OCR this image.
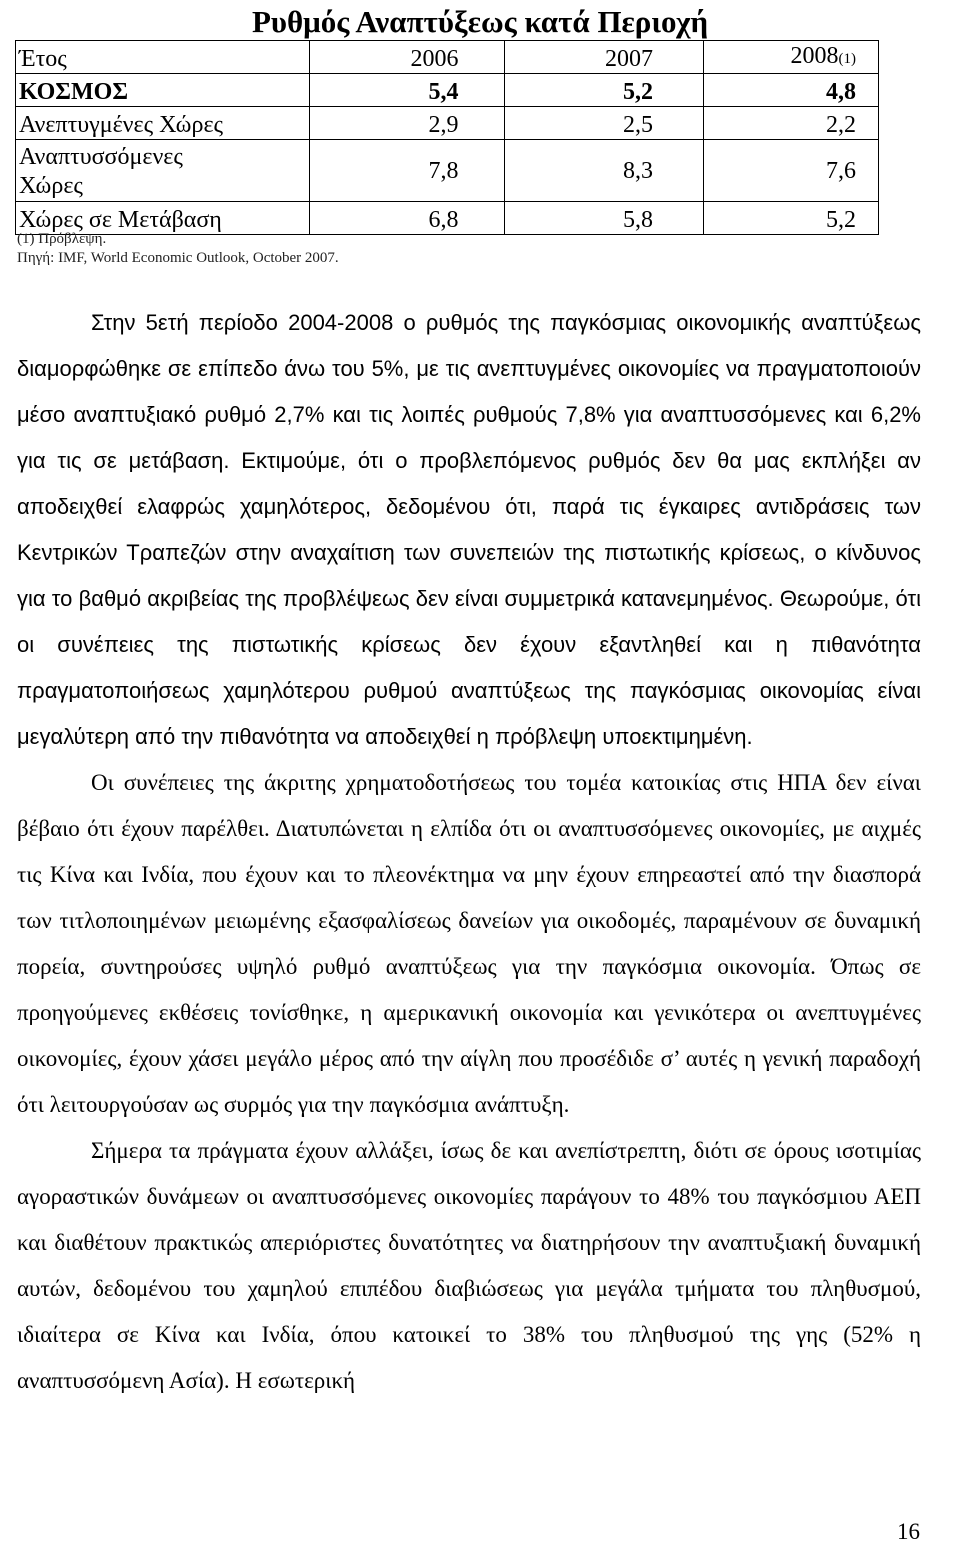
Ρυθμός Αναπτύξεως κατά Περιοχή
Έτος	2006	2007	2008(1)
ΚΟΣΜΟΣ	5,4	5,2	4,8
Ανεπτυγμένες Χώρες	2,9	2,5	2,2
Αναπτυσσόμενες
Χώρες	7,8	8,3	7,6
Χώρες σε Μετάβαση	6,8	5,8	5,2
(1) Πρόβλεψη.
Πηγή: IMF, World Economic Outlook, October 2007.

Στην 5ετή περίοδο 2004-2008 ο ρυθμός της παγκόσμιας οικονομικής αναπτύξεως διαμορφώθηκε σε επίπεδο άνω του 5%, με τις ανεπτυγμένες οικονομίες να πραγματοποιούν μέσο αναπτυξιακό ρυθμό 2,7% και τις λοιπές ρυθμούς 7,8% για αναπτυσσόμενες και 6,2% για τις σε μετάβαση. Εκτιμούμε, ότι ο προβλεπόμενος ρυθμός δεν θα μας εκπλήξει αν αποδειχθεί ελαφρώς χαμηλότερος, δεδομένου ότι, παρά τις έγκαιρες αντιδράσεις των Κεντρικών Τραπεζών στην αναχαίτιση των συνεπειών της πιστωτικής κρίσεως, ο κίνδυνος για το βαθμό ακριβείας της προβλέψεως δεν είναι συμμετρικά κατανεμημένος. Θεωρούμε, ότι οι συνέπειες της πιστωτικής κρίσεως δεν έχουν εξαντληθεί και η πιθανότητα πραγματοποιήσεως χαμηλότερου ρυθμού αναπτύξεως της παγκόσμιας οικονομίας είναι μεγαλύτερη από την πιθανότητα να αποδειχθεί η πρόβλεψη υποεκτιμημένη.

Οι συνέπειες της άκριτης χρηματοδοτήσεως του τομέα κατοικίας στις ΗΠΑ δεν είναι βέβαιο ότι έχουν παρέλθει. Διατυπώνεται η ελπίδα ότι οι αναπτυσσόμενες οικονομίες, με αιχμές τις Κίνα και Ινδία, που έχουν και το πλεονέκτημα να μην έχουν επηρεαστεί από την διασπορά των τιτλοποιημένων μειωμένης εξασφαλίσεως δανείων για οικοδομές, παραμένουν σε δυναμική πορεία, συντηρούσες υψηλό ρυθμό αναπτύξεως για την παγκόσμια οικονομία. Όπως σε προηγούμενες εκθέσεις τονίσθηκε, η αμερικανική οικονομία και γενικότερα οι ανεπτυγμένες οικονομίες, έχουν χάσει μεγάλο μέρος από την αίγλη που προσέδιδε σ’ αυτές η γενική παραδοχή ότι λειτουργούσαν ως συρμός για την παγκόσμια ανάπτυξη.

Σήμερα τα πράγματα έχουν αλλάξει, ίσως δε και ανεπίστρεπτη, διότι σε όρους ισοτιμίας αγοραστικών δυνάμεων οι αναπτυσσόμενες οικονομίες παράγουν το 48% του παγκόσμιου ΑΕΠ και διαθέτουν πρακτικώς απεριόριστες δυνατότητες να διατηρήσουν την αναπτυξιακή δυναμική αυτών, δεδομένου του χαμηλού επιπέδου διαβιώσεως για μεγάλα τμήματα του πληθυσμού, ιδιαίτερα σε Κίνα και Ινδία, όπου κατοικεί το 38% του πληθυσμού της γης (52% η αναπτυσσόμενη Ασία). Η εσωτερική

16
